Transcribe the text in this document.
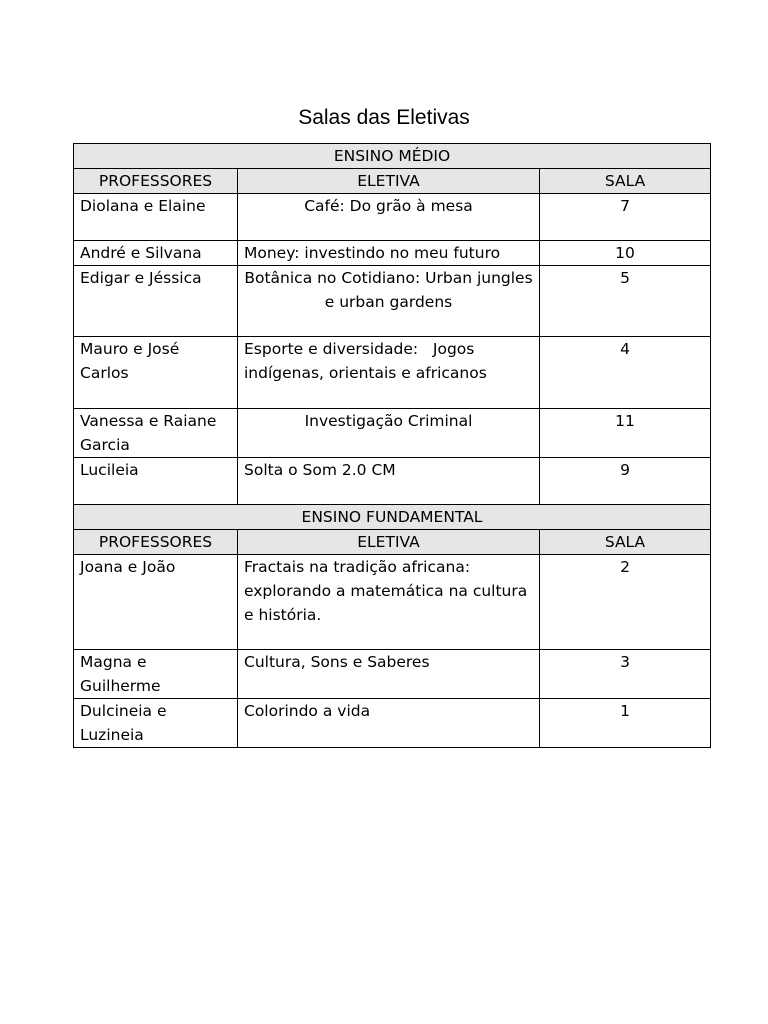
Salas das Eletivas
ENSINO MÉDIO		
PROFESSORES	ELETIVA	SALA
Diolana e Elaine	Café: Do grão à mesa	7
André e Silvana	Money: investindo no meu futuro	10
Edigar e Jéssica	Botânica no Cotidiano: Urban jungles e urban gardens	5
Mauro e José Carlos	Esporte e diversidade:   Jogos indígenas, orientais e africanos	4
Vanessa e Raiane Garcia	Investigação Criminal	11
Lucileia	Solta o Som 2.0 CM	9
ENSINO FUNDAMENTAL		
PROFESSORES	ELETIVA	SALA
Joana e João	Fractais na tradição africana: explorando a matemática na cultura e história.	2
Magna e Guilherme	Cultura, Sons e Saberes	3
Dulcineia e Luzineia	Colorindo a vida	1
